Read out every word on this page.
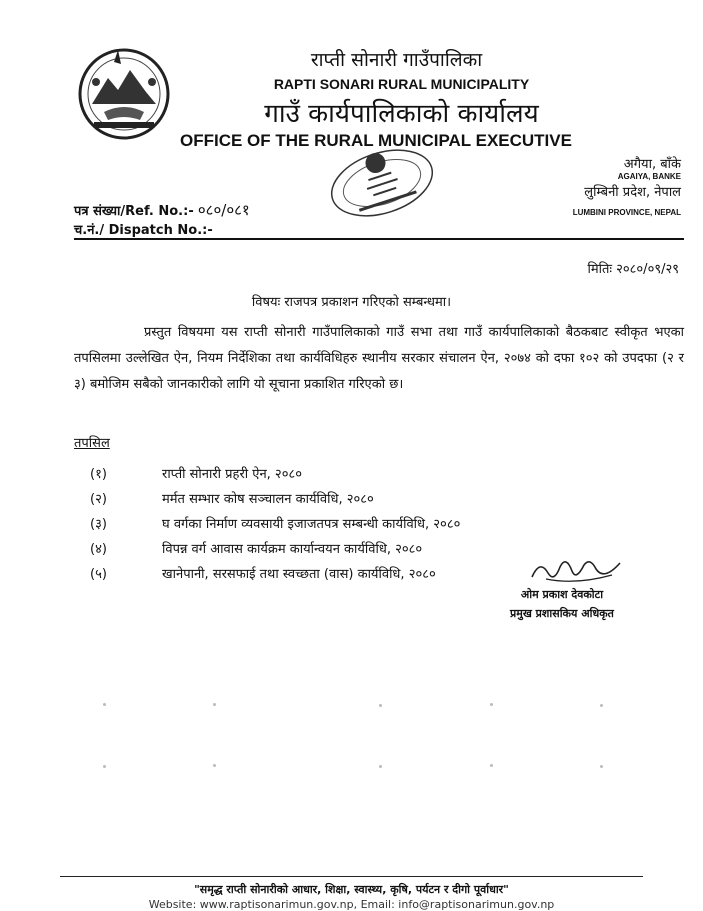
राप्ती सोनारी गाउँपालिका
RAPTI SONARI RURAL MUNICIPALITY
गाउँ कार्यपालिकाको कार्यालय
OFFICE OF THE RURAL MUNICIPAL EXECUTIVE
अगैया, बाँके
AGAIYA, BANKE
लुम्बिनी प्रदेश, नेपाल
LUMBINI PROVINCE, NEPAL
पत्र संख्या/Ref. No.:- ०८०/०८१
च.नं./ Dispatch No.:-
मितिः २०८०/०९/२९
विषयः राजपत्र प्रकाशन गरिएको सम्बन्धमा।
प्रस्तुत विषयमा यस राप्ती सोनारी गाउँपालिकाको गाउँ सभा तथा गाउँ कार्यपालिकाको बैठकबाट स्वीकृत भएका तपसिलमा उल्लेखित ऐन, नियम निर्देशिका तथा कार्यविधिहरु स्थानीय सरकार संचालन ऐन, २०७४ को दफा १०२ को उपदफा (२ र ३) बमोजिम सबैको जानकारीको लागि यो सूचाना प्रकाशित गरिएको छ।
तपसिल
(१)	राप्ती सोनारी प्रहरी ऐन, २०८०
(२)	मर्मत सम्भार कोष सञ्चालन कार्यविधि, २०८०
(३)	घ वर्गका निर्माण व्यवसायी इजाजतपत्र सम्बन्धी कार्यविधि, २०८०
(४)	विपन्न वर्ग आवास कार्यक्रम कार्यान्वयन कार्यविधि, २०८०
(५)	खानेपानी, सरसफाई तथा स्वच्छता (वास) कार्यविधि, २०८०
ओम प्रकाश देवकोटा
प्रमुख प्रशासकिय अधिकृत
"समृद्ध राप्ती सोनारीको आधार, शिक्षा, स्वास्थ्य, कृषि, पर्यटन र दीगो पूर्वाधार"
Website: www.raptisonarimun.gov.np, Email: info@raptisonarimun.gov.np
